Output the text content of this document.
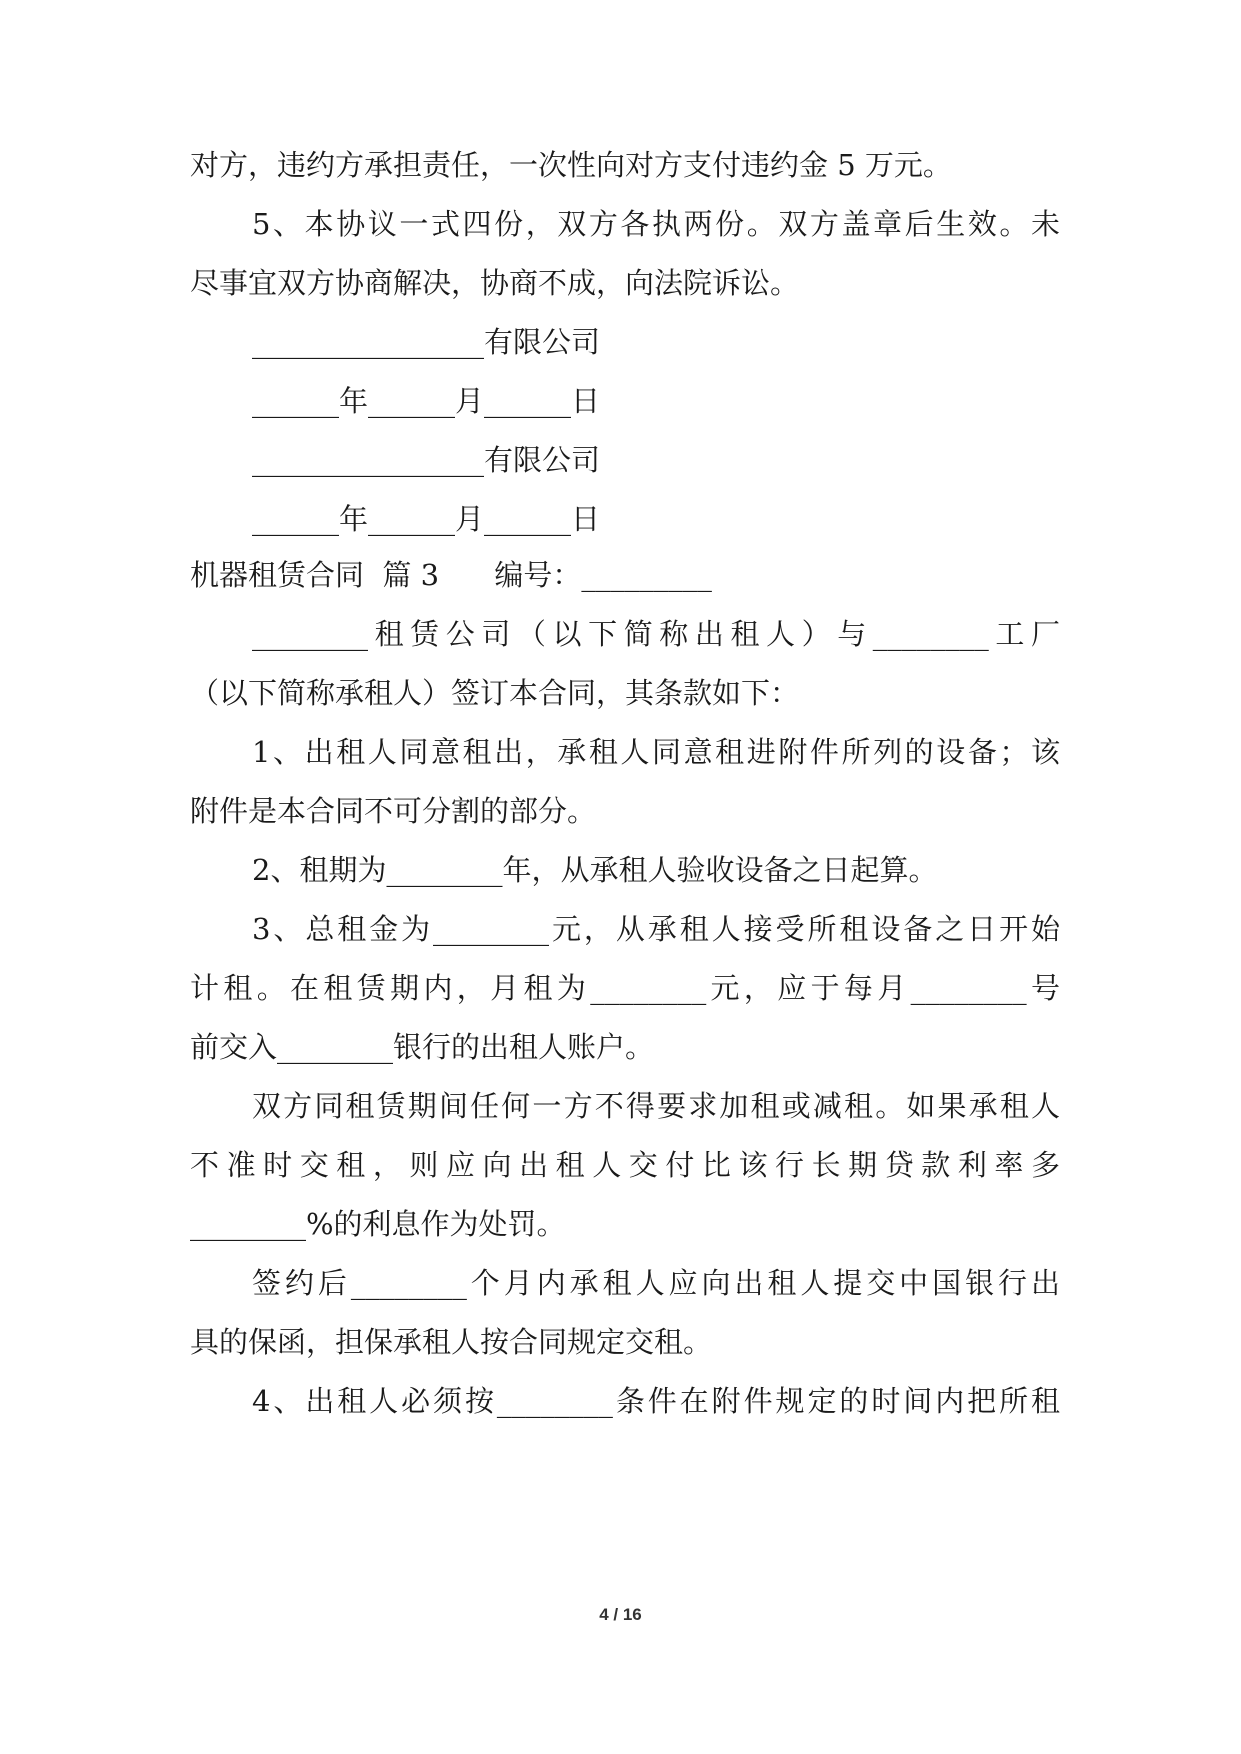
对方，违约方承担责任，一次性向对方支付违约金 5 万元。
5、本协议一式四份，双方各执两份。双方盖章后生效。未
尽事宜双方协商解决，协商不成，向法院诉讼。
________________有限公司
______年______月______日
________________有限公司
______年______月______日
机器租赁合同  篇 3      编号：_________
________租赁公司（以下简称出租人）与________工厂
（以下简称承租人）签订本合同，其条款如下：
1、出租人同意租出，承租人同意租进附件所列的设备；该
附件是本合同不可分割的部分。
2、租期为________年，从承租人验收设备之日起算。
3、总租金为________元，从承租人接受所租设备之日开始
计租。在租赁期内，月租为________元，应于每月________号
前交入________银行的出租人账户。
双方同租赁期间任何一方不得要求加租或减租。如果承租人
不准时交租，则应向出租人交付比该行长期贷款利率多
________%的利息作为处罚。
签约后________个月内承租人应向出租人提交中国银行出
具的保函，担保承租人按合同规定交租。
4、出租人必须按________条件在附件规定的时间内把所租
4 / 16
